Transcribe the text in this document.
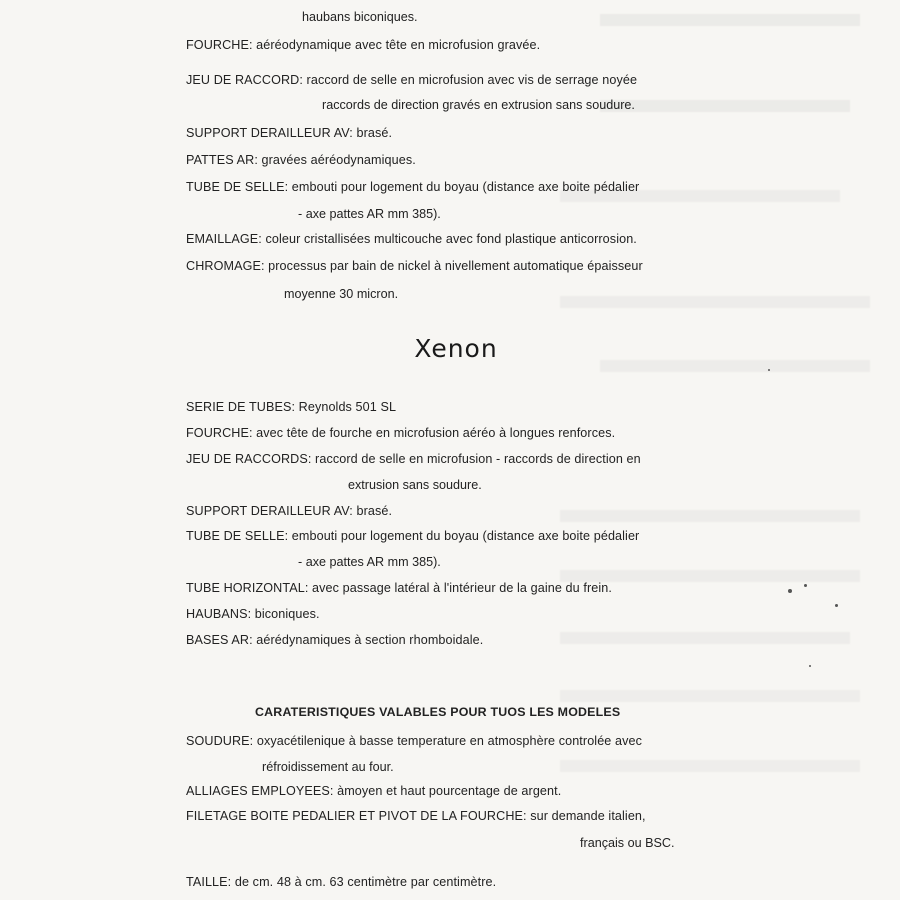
haubans biconiques.
FOURCHE: aéréodynamique avec tête en microfusion gravée.
JEU DE RACCORD: raccord de selle en microfusion avec vis de serrage noyée
raccords de direction gravés en extrusion sans soudure.
SUPPORT DERAILLEUR AV: brasé.
PATTES AR: gravées aéréodynamiques.
TUBE DE SELLE: embouti pour logement du boyau (distance axe boite pédalier
- axe pattes AR mm 385).
EMAILLAGE: coleur cristallisées multicouche avec fond plastique anticorrosion.
CHROMAGE: processus par bain de nickel à nivellement automatique épaisseur
moyenne 30 micron.
Xenon
SERIE DE TUBES: Reynolds 501 SL
FOURCHE: avec tête de fourche en microfusion aéréo à longues renforces.
JEU DE RACCORDS: raccord de selle en microfusion - raccords de direction en
extrusion sans soudure.
SUPPORT DERAILLEUR AV: brasé.
TUBE DE SELLE: embouti pour logement du boyau (distance axe boite pédalier
- axe pattes AR mm 385).
TUBE HORIZONTAL: avec passage latéral à l'intérieur de la gaine du frein.
HAUBANS: biconiques.
BASES AR: aérédynamiques à section rhomboidale.
CARATERISTIQUES VALABLES POUR TUOS LES MODELES
SOUDURE: oxyacétilenique à basse temperature en atmosphère controlée avec
réfroidissement au four.
ALLIAGES EMPLOYEES: àmoyen et haut pourcentage de argent.
FILETAGE BOITE PEDALIER ET PIVOT DE LA FOURCHE: sur demande italien,
français ou BSC.
TAILLE: de cm. 48 à cm. 63 centimètre par centimètre.
